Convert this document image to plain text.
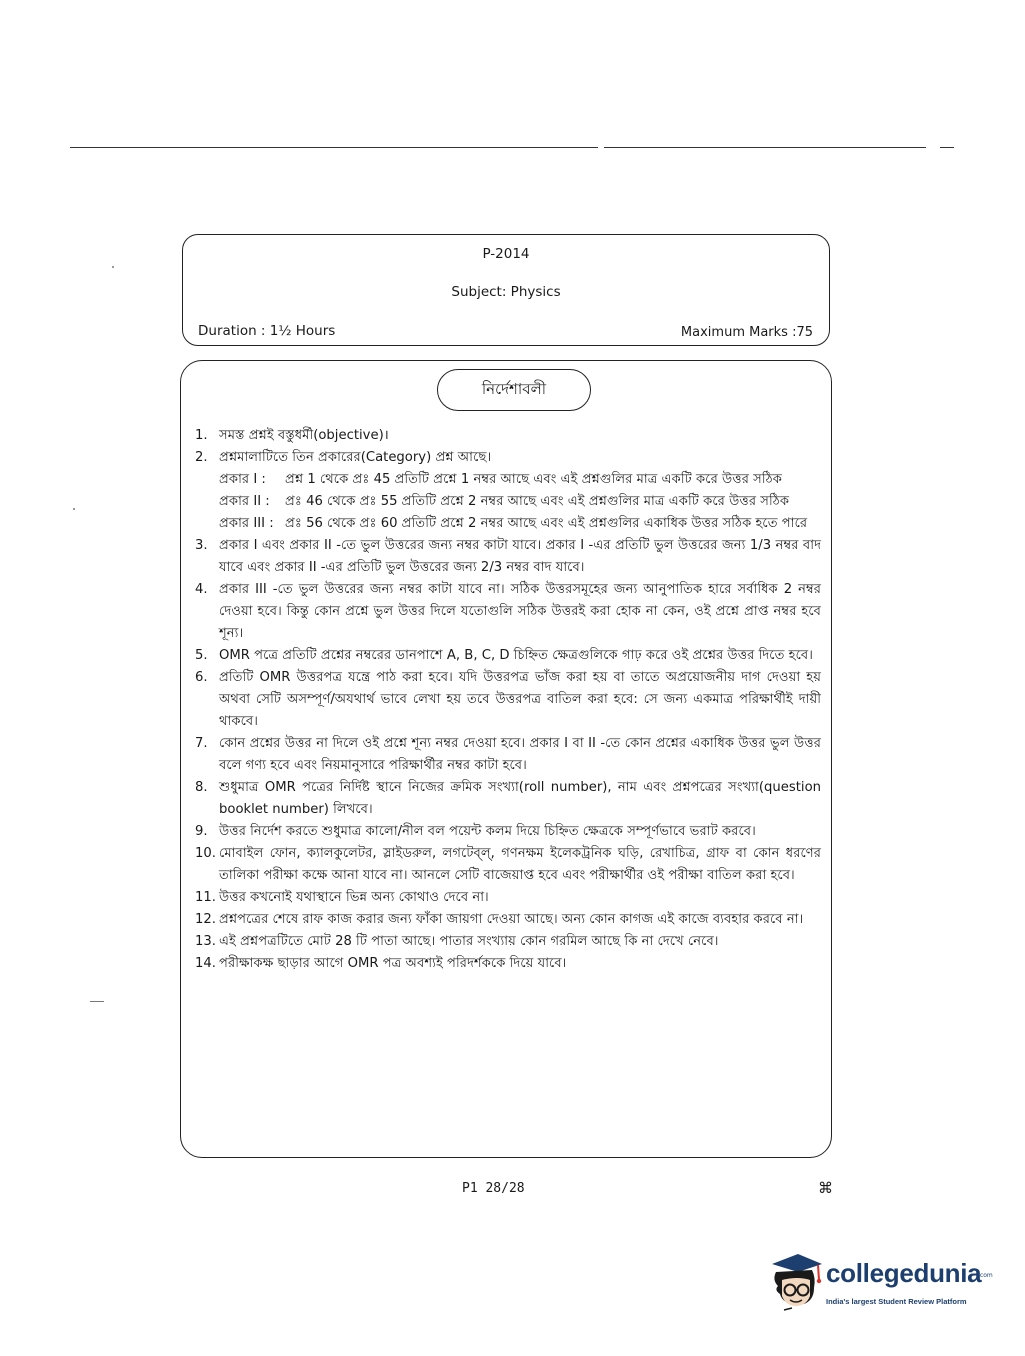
P-2014
Subject: Physics
Duration : 1½ Hours	Maximum Marks :75
নির্দেশাবলী
1. সমস্ত প্রশ্নই বস্তুধর্মী(objective)।
2. প্রশ্নমালাটিতে তিন প্রকারের(Category) প্রশ্ন আছে।
প্রকার I :	প্রশ্ন 1 থেকে প্রঃ 45 প্রতিটি প্রশ্নে 1 নম্বর আছে এবং এই প্রশ্নগুলির মাত্র একটি করে উত্তর সঠিক
প্রকার II :	প্রঃ 46 থেকে প্রঃ 55 প্রতিটি প্রশ্নে 2 নম্বর আছে এবং এই প্রশ্নগুলির মাত্র একটি করে উত্তর সঠিক
প্রকার III : প্রঃ 56 থেকে প্রঃ 60 প্রতিটি প্রশ্নে 2 নম্বর আছে এবং এই প্রশ্নগুলির একাধিক উত্তর সঠিক হতে পারে
3. প্রকার I এবং প্রকার II -তে ভুল উত্তরের জন্য নম্বর কাটা যাবে। প্রকার I -এর প্রতিটি ভুল উত্তরের জন্য 1/3 নম্বর বাদ যাবে এবং প্রকার II -এর প্রতিটি ভুল উত্তরের জন্য 2/3 নম্বর বাদ যাবে।
4. প্রকার III -তে ভুল উত্তরের জন্য নম্বর কাটা যাবে না। সঠিক উত্তরসমূহের জন্য আনুপাতিক হারে সর্বাধিক 2 নম্বর দেওয়া হবে। কিন্তু কোন প্রশ্নে ভুল উত্তর দিলে যতোগুলি সঠিক উত্তরই করা হোক না কেন, ওই প্রশ্নে প্রাপ্ত নম্বর হবে শূন্য।
5. OMR পত্রে প্রতিটি প্রশ্নের নম্বরের ডানপাশে A, B, C, D চিহ্নিত ক্ষেত্রগুলিকে গাঢ় করে ওই প্রশ্নের উত্তর দিতে হবে।
6. প্রতিটি OMR উত্তরপত্র যন্ত্রে পাঠ করা হবে। যদি উত্তরপত্র ভাঁজ করা হয় বা তাতে অপ্রয়োজনীয় দাগ দেওয়া হয় অথবা সেটি অসম্পূর্ণ/অযথার্থ ভাবে লেখা হয় তবে উত্তরপত্র বাতিল করা হবে: সে জন্য একমাত্র পরিক্ষার্থীই দায়ী থাকবে।
7. কোন প্রশ্নের উত্তর না দিলে ওই প্রশ্নে শূন্য নম্বর দেওয়া হবে। প্রকার I বা II -তে কোন প্রশ্নের একাধিক উত্তর ভুল উত্তর বলে গণ্য হবে এবং নিয়মানুসারে পরিক্ষার্থীর নম্বর কাটা হবে।
8. শুধুমাত্র OMR পত্রের নির্দিষ্ট স্থানে নিজের ক্রমিক সংখ্যা(roll number), নাম এবং প্রশ্নপত্রের সংখ্যা(question booklet number) লিখবে।
9. উত্তর নির্দেশ করতে শুধুমাত্র কালো/নীল বল পয়েন্ট কলম দিয়ে চিহ্নিত ক্ষেত্রকে সম্পূর্ণভাবে ভরাট করবে।
10. মোবাইল ফোন, ক্যালকুলেটর, স্লাইডরুল, লগটেব্‌ল্‌, গণনক্ষম ইলেকট্রনিক ঘড়ি, রেখাচিত্র, গ্রাফ বা কোন ধরণের তালিকা পরীক্ষা কক্ষে আনা যাবে না। আনলে সেটি বাজেয়াপ্ত হবে এবং পরীক্ষার্থীর ওই পরীক্ষা বাতিল করা হবে।
11. উত্তর কখনোই যথাস্থানে ভিন্ন অন্য কোথাও দেবে না।
12. প্রশ্নপত্রের শেষে রাফ কাজ করার জন্য ফাঁকা জায়গা দেওয়া আছে। অন্য কোন কাগজ এই কাজে ব্যবহার করবে না।
13. এই প্রশ্নপত্রটিতে মোট 28 টি পাতা আছে। পাতার সংখ্যায় কোন গরমিল আছে কি না দেখে নেবে।
14. পরীক্ষাকক্ষ ছাড়ার আগে OMR পত্র অবশ্যই পরিদর্শককে দিয়ে যাবে।
P1 28/28	⌘
collegedunia
.com
India's largest Student Review Platform
